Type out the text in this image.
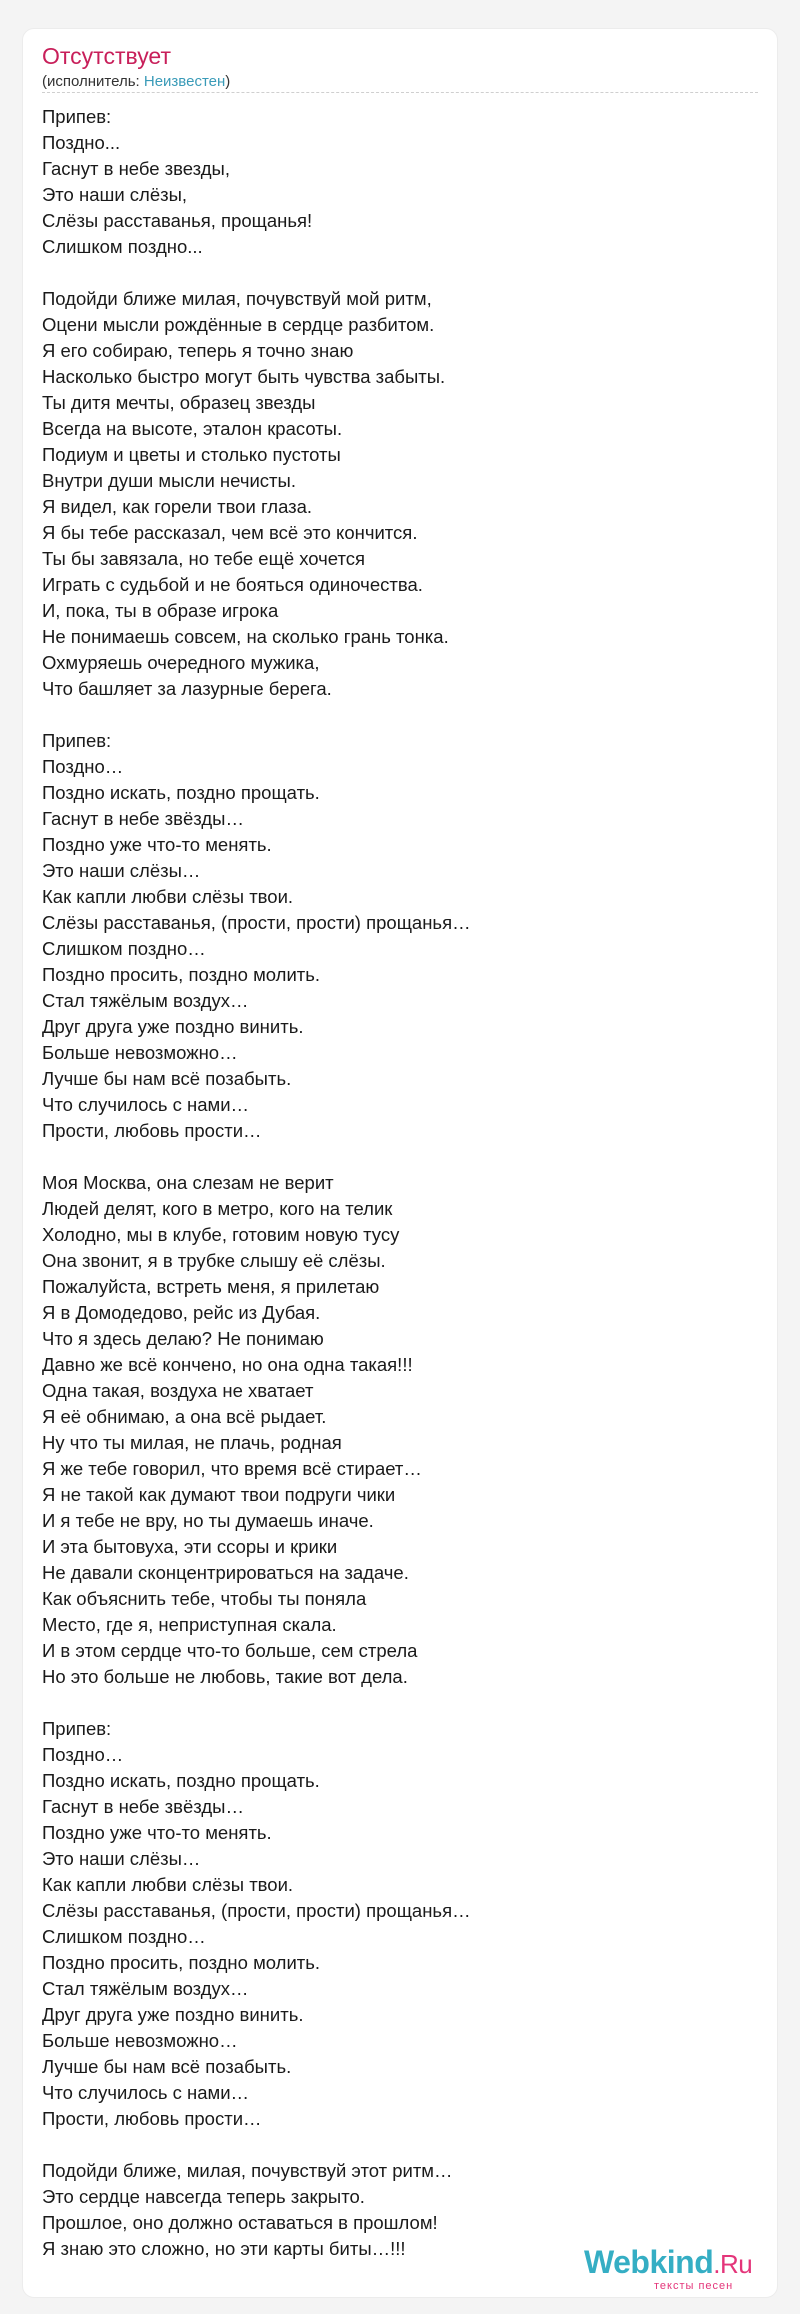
Отсутствует
(исполнитель: Неизвестен)
Припев:
Поздно...
Гаснут в небе звезды,
Это наши слёзы,
Слёзы расставанья, прощанья!
Слишком поздно...
Подойди ближе милая, почувствуй мой ритм,
Оцени мысли рождённые в сердце разбитом.
Я его собираю, теперь я точно знаю
Насколько быстро могут быть чувства забыты.
Ты дитя мечты, образец звезды
Всегда на высоте, эталон красоты.
Подиум и цветы и столько пустоты
Внутри души мысли нечисты.
Я видел, как горели твои глаза.
Я бы тебе рассказал, чем всё это кончится.
Ты бы завязала, но тебе ещё хочется
Играть с судьбой и не бояться одиночества.
И, пока, ты в образе игрока
Не понимаешь совсем, на сколько грань тонка.
Охмуряешь очередного мужика,
Что башляет за лазурные берега.
Припев:
Поздно…
Поздно искать, поздно прощать.
Гаснут в небе звёзды…
Поздно уже что-то менять.
Это наши слёзы…
Как капли любви слёзы твои.
Слёзы расставанья, (прости, прости) прощанья…
Слишком поздно…
Поздно просить, поздно молить.
Стал тяжёлым воздух…
Друг друга уже поздно винить.
Больше невозможно…
Лучше бы нам всё позабыть.
Что случилось с нами…
Прости, любовь прости…
Моя Москва, она слезам не верит
Людей делят, кого в метро, кого на телик
Холодно, мы в клубе, готовим новую тусу
Она звонит, я в трубке слышу её слёзы.
Пожалуйста, встреть меня, я прилетаю
Я в Домодедово, рейс из Дубая.
Что я здесь делаю? Не понимаю
Давно же всё кончено, но она одна такая!!!
Одна такая, воздуха не хватает
Я её обнимаю, а она всё рыдает.
Ну что ты милая, не плачь, родная
Я же тебе говорил, что время всё стирает…
Я не такой как думают твои подруги чики
И я тебе не вру, но ты думаешь иначе.
И эта бытовуха, эти ссоры и крики
Не давали сконцентрироваться на задаче.
Как объяснить тебе, чтобы ты поняла
Место, где я, неприступная скала.
И в этом сердце что-то больше, сем стрела
Но это больше не любовь, такие вот дела.
Припев:
Поздно…
Поздно искать, поздно прощать.
Гаснут в небе звёзды…
Поздно уже что-то менять.
Это наши слёзы…
Как капли любви слёзы твои.
Слёзы расставанья, (прости, прости) прощанья…
Слишком поздно…
Поздно просить, поздно молить.
Стал тяжёлым воздух…
Друг друга уже поздно винить.
Больше невозможно…
Лучше бы нам всё позабыть.
Что случилось с нами…
Прости, любовь прости…
Подойди ближе, милая, почувствуй этот ритм…
Это сердце навсегда теперь закрыто.
Прошлое, оно должно оставаться в прошлом!
Я знаю это сложно, но эти карты биты…!!!	Webkind.Ru
тексты песен
